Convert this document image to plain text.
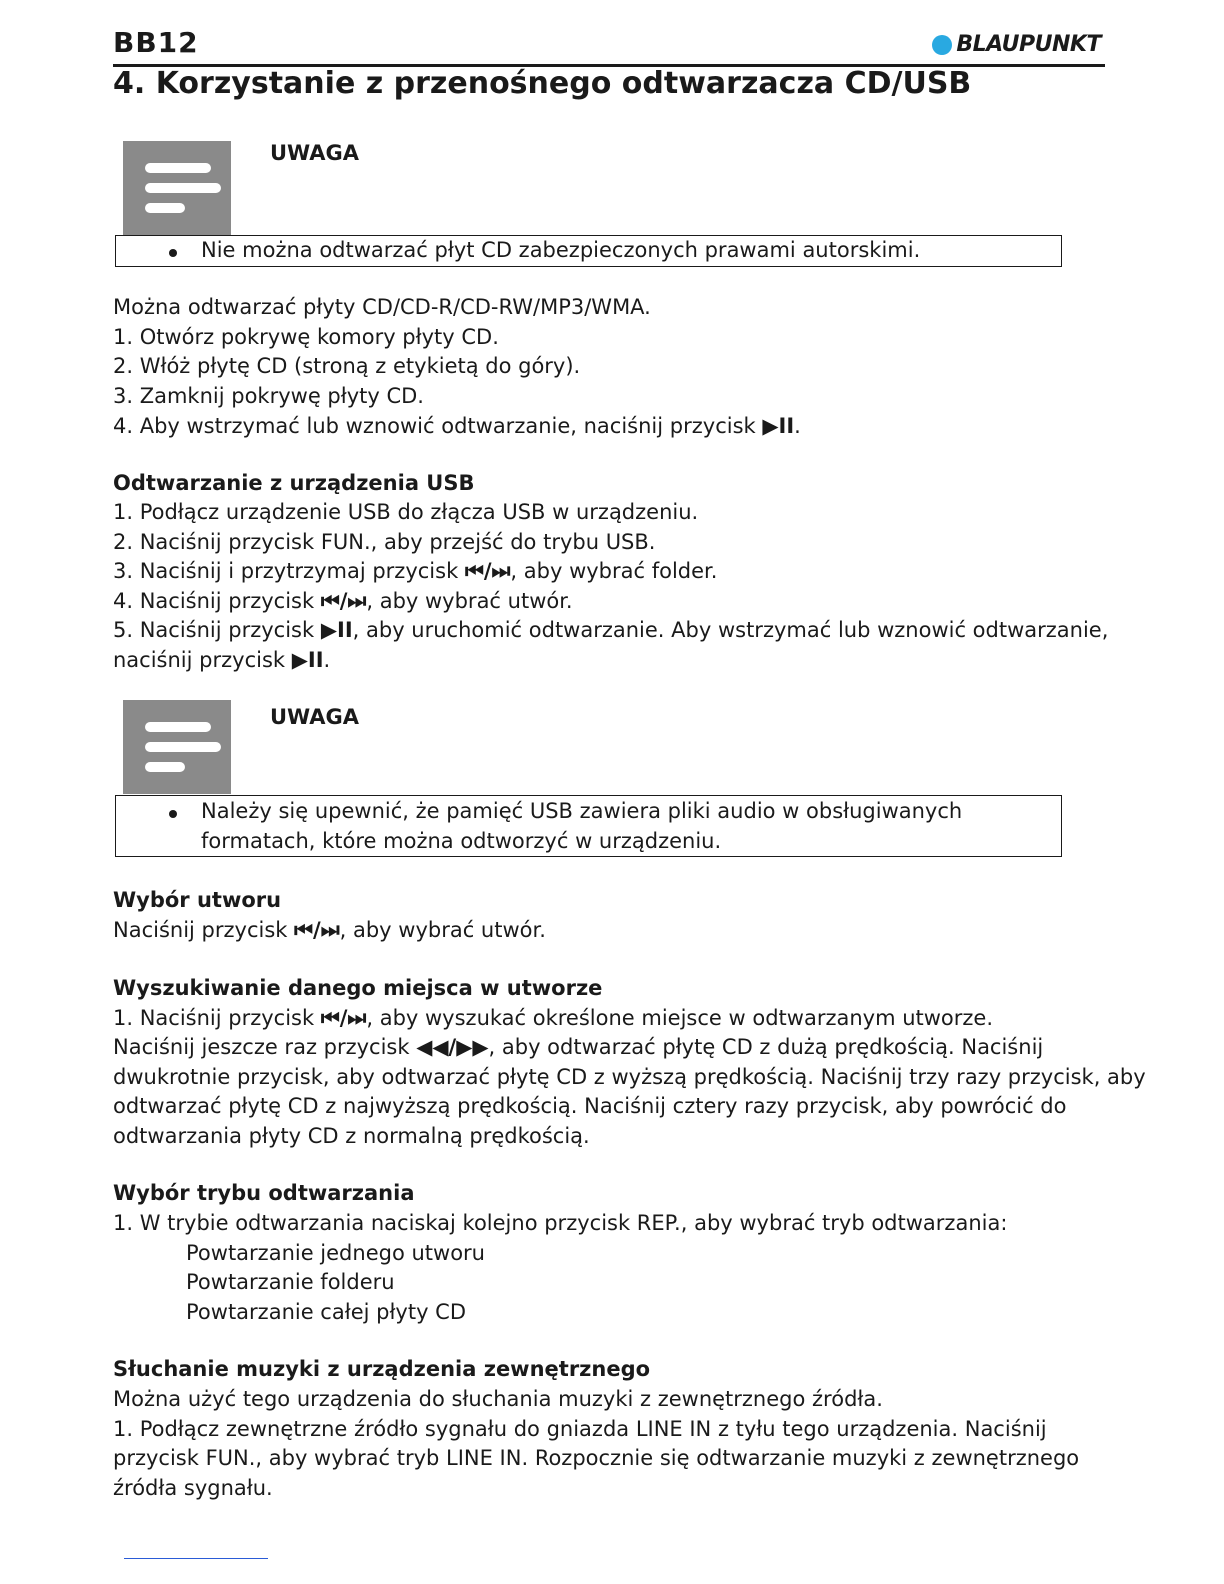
BB12	BLAUPUNKT
4. Korzystanie z przenośnego odtwarzacza CD/USB
UWAGA
Nie można odtwarzać płyt CD zabezpieczonych prawami autorskimi.
Można odtwarzać płyty CD/CD-R/CD-RW/MP3/WMA.
1. Otwórz pokrywę komory płyty CD.
2. Włóż płytę CD (stroną z etykietą do góry).
3. Zamknij pokrywę płyty CD.
4. Aby wstrzymać lub wznowić odtwarzanie, naciśnij przycisk ▶II.
Odtwarzanie z urządzenia USB
1. Podłącz urządzenie USB do złącza USB w urządzeniu.
2. Naciśnij przycisk FUN., aby przejść do trybu USB.
3. Naciśnij i przytrzymaj przycisk ⏮/⏭, aby wybrać folder.
4. Naciśnij przycisk ⏮/⏭, aby wybrać utwór.
5. Naciśnij przycisk ▶II, aby uruchomić odtwarzanie. Aby wstrzymać lub wznowić odtwarzanie,
naciśnij przycisk ▶II.
UWAGA
Należy się upewnić, że pamięć USB zawiera pliki audio w obsługiwanych
formatach, które można odtworzyć w urządzeniu.
Wybór utworu
Naciśnij przycisk ⏮/⏭, aby wybrać utwór.
Wyszukiwanie danego miejsca w utworze
1. Naciśnij przycisk ⏮/⏭, aby wyszukać określone miejsce w odtwarzanym utworze.
Naciśnij jeszcze raz przycisk ◀◀/▶▶, aby odtwarzać płytę CD z dużą prędkością. Naciśnij
dwukrotnie przycisk, aby odtwarzać płytę CD z wyższą prędkością. Naciśnij trzy razy przycisk, aby
odtwarzać płytę CD z najwyższą prędkością. Naciśnij cztery razy przycisk, aby powrócić do
odtwarzania płyty CD z normalną prędkością.
Wybór trybu odtwarzania
1. W trybie odtwarzania naciskaj kolejno przycisk REP., aby wybrać tryb odtwarzania:
Powtarzanie jednego utworu
Powtarzanie folderu
Powtarzanie całej płyty CD
Słuchanie muzyki z urządzenia zewnętrznego
Można użyć tego urządzenia do słuchania muzyki z zewnętrznego źródła.
1. Podłącz zewnętrzne źródło sygnału do gniazda LINE IN z tyłu tego urządzenia. Naciśnij
przycisk FUN., aby wybrać tryb LINE IN. Rozpocznie się odtwarzanie muzyki z zewnętrznego
źródła sygnału.
